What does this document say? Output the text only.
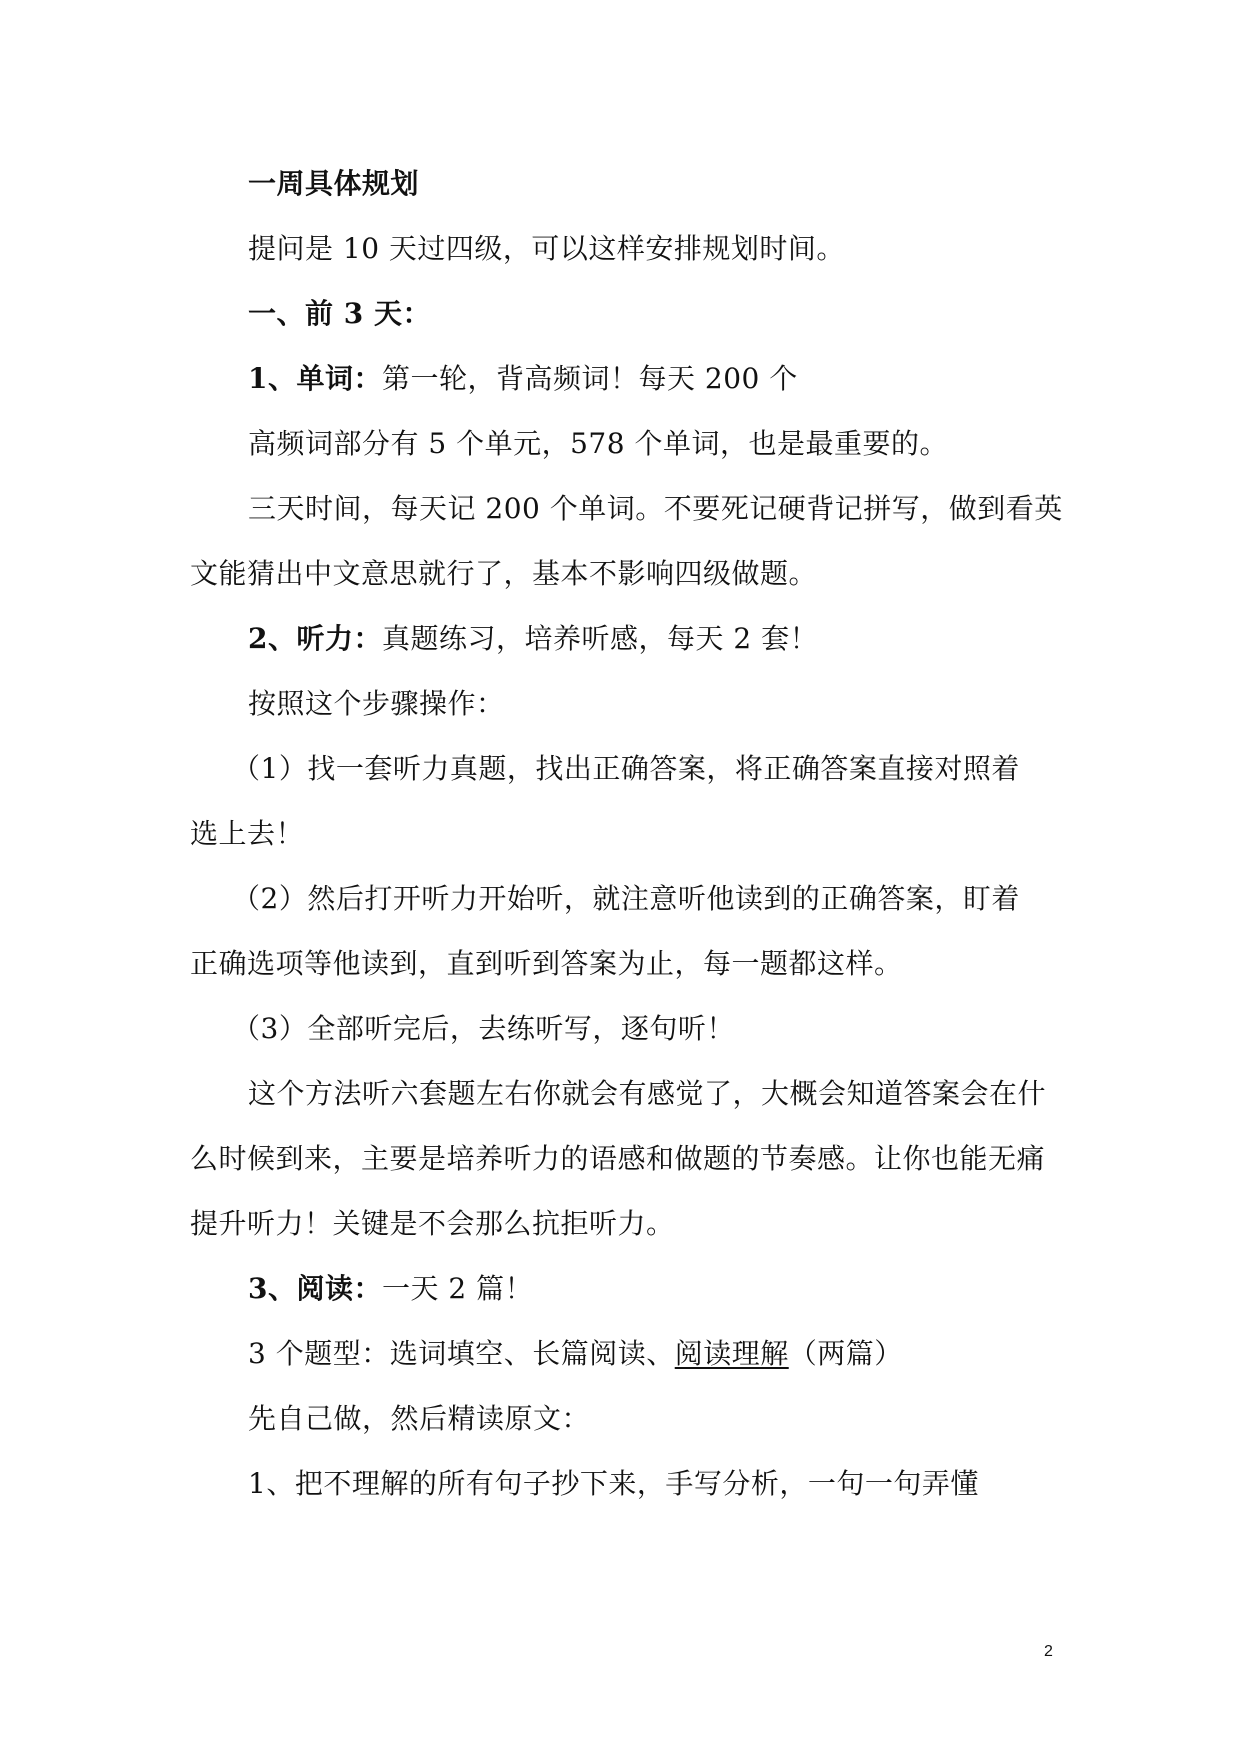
一周具体规划
提问是 10 天过四级，可以这样安排规划时间。
一、前 3 天：
1、单词：第一轮，背高频词！每天 200 个
高频词部分有 5 个单元，578 个单词，也是最重要的。
三天时间，每天记 200 个单词。不要死记硬背记拼写，做到看英
文能猜出中文意思就行了，基本不影响四级做题。
2、听力：真题练习，培养听感，每天 2 套！
按照这个步骤操作：
（1）找一套听力真题，找出正确答案，将正确答案直接对照着
选上去！
（2）然后打开听力开始听，就注意听他读到的正确答案，盯着
正确选项等他读到，直到听到答案为止，每一题都这样。
（3）全部听完后，去练听写，逐句听！
这个方法听六套题左右你就会有感觉了，大概会知道答案会在什
么时候到来，主要是培养听力的语感和做题的节奏感。让你也能无痛
提升听力！关键是不会那么抗拒听力。
3、阅读：一天 2 篇！
3 个题型：选词填空、长篇阅读、阅读理解（两篇）
先自己做，然后精读原文：
1、把不理解的所有句子抄下来，手写分析，一句一句弄懂
2
